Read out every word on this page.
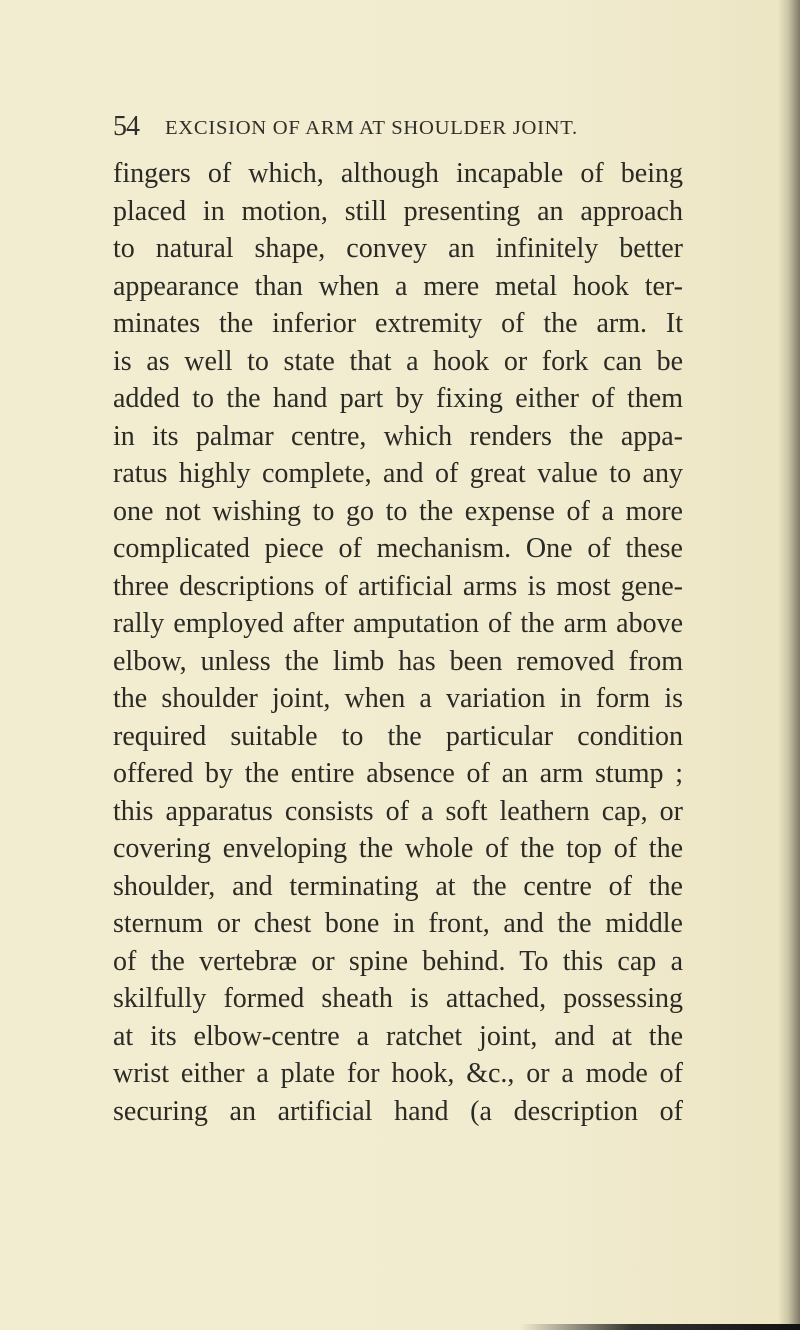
54 EXCISION OF ARM AT SHOULDER JOINT.
fingers of which, although incapable of being
placed in motion, still presenting an approach
to natural shape, convey an infinitely better
appearance than when a mere metal hook ter-
minates the inferior extremity of the arm. It
is as well to state that a hook or fork can be
added to the hand part by fixing either of them
in its palmar centre, which renders the appa-
ratus highly complete, and of great value to any
one not wishing to go to the expense of a more
complicated piece of mechanism. One of these
three descriptions of artificial arms is most gene-
rally employed after amputation of the arm above
elbow, unless the limb has been removed from
the shoulder joint, when a variation in form is
required suitable to the particular condition
offered by the entire absence of an arm stump ;
this apparatus consists of a soft leathern cap, or
covering enveloping the whole of the top of the
shoulder, and terminating at the centre of the
sternum or chest bone in front, and the middle
of the vertebræ or spine behind. To this cap a
skilfully formed sheath is attached, possessing
at its elbow-centre a ratchet joint, and at the
wrist either a plate for hook, &c., or a mode of
securing an artificial hand (a description of
